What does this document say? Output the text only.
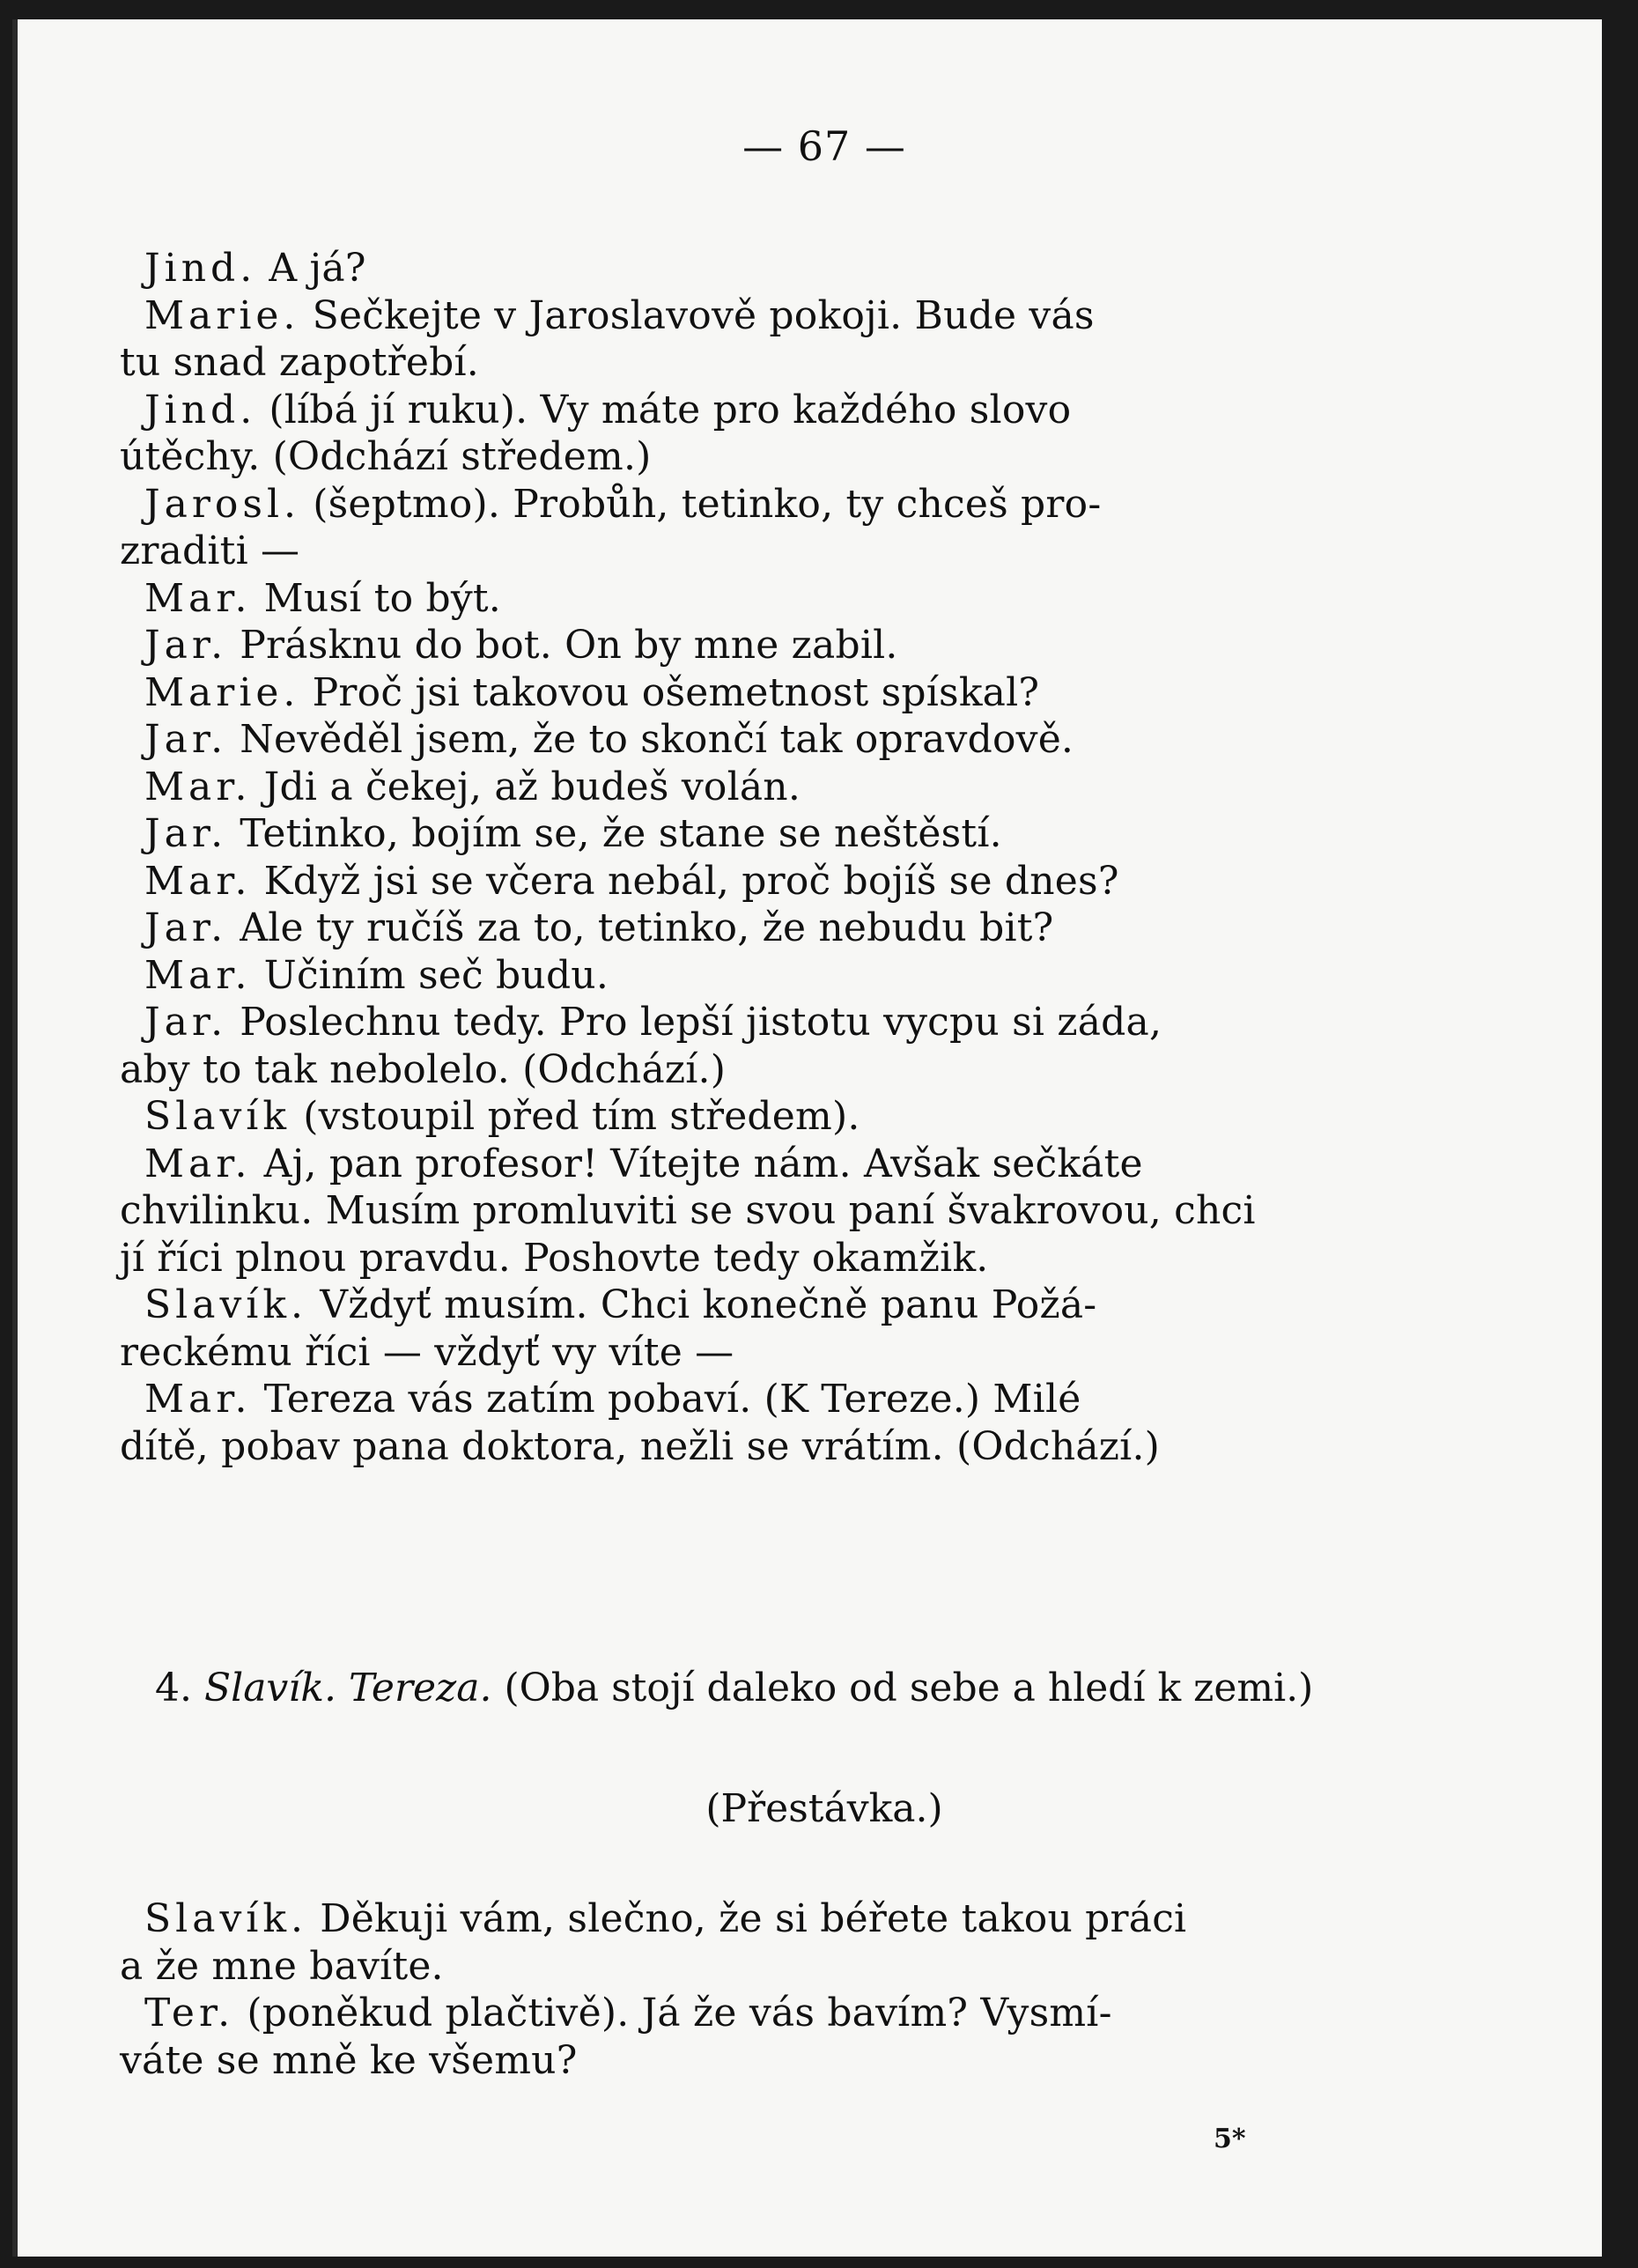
— 67 —
Jind. A já?
Marie. Sečkejte v Jaroslavově pokoji. Bude vás
tu snad zapotřebí.
Jind. (líbá jí ruku). Vy máte pro každého slovo
útěchy. (Odchází středem.)
Jarosl. (šeptmo). Probůh, tetinko, ty chceš pro-
zraditi —
Mar. Musí to být.
Jar. Prásknu do bot. On by mne zabil.
Marie. Proč jsi takovou ošemetnost spískal?
Jar. Nevěděl jsem, že to skončí tak opravdově.
Mar. Jdi a čekej, až budeš volán.
Jar. Tetinko, bojím se, že stane se neštěstí.
Mar. Když jsi se včera nebál, proč bojíš se dnes?
Jar. Ale ty ručíš za to, tetinko, že nebudu bit?
Mar. Učiním seč budu.
Jar. Poslechnu tedy. Pro lepší jistotu vycpu si záda,
aby to tak nebolelo. (Odchází.)
Slavík (vstoupil před tím středem).
Mar. Aj, pan profesor! Vítejte nám. Avšak sečkáte
chvilinku. Musím promluviti se svou paní švakrovou, chci
jí říci plnou pravdu. Poshovte tedy okamžik.
Slavík. Vždyť musím. Chci konečně panu Požá-
reckému říci — vždyť vy víte —
Mar. Tereza vás zatím pobaví. (K Tereze.) Milé
dítě, pobav pana doktora, nežli se vrátím. (Odchází.)
4. Slavík. Tereza. (Oba stojí daleko od sebe a hledí k zemi.)
(Přestávka.)
Slavík. Děkuji vám, slečno, že si béřete takou práci
a že mne bavíte.
Ter. (poněkud plačtivě). Já že vás bavím? Vysmí-
váte se mně ke všemu?
5*
